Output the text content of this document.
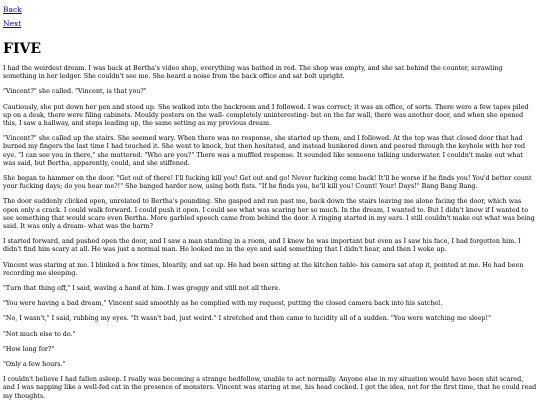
Back
Next
FIVE

I had the weirdest dream. I was back at Bertha's video shop, everything was bathed in red. The shop was empty, and she sat behind the counter, scrawling something in her ledger. She couldn't see me. She heard a noise from the back office and sat bolt upright.

"Vincent?" she called. "Vincent, is that you?"

Cautiously, she put down her pen and stood up. She walked into the backroom and I followed. I was correct; it was an office, of sorts. There were a few tapes piled up on a desk, there were filing cabinets. Mouldy posters on the wall- completely uninteresting- but on the far wall, there was another door, and when she opened this, I saw a hallway, and steps leading up, the same setting as my previous dream.

"Vincent?" she called up the stairs. She seemed wary. When there was no response, she started up them, and I followed. At the top was that closed door that had burned my fingers the last time I had touched it. She went to knock, but then hesitated, and instead hunkered down and peered through the keyhole with her red eye. "I can see you in there," she muttered. "Who are you?" There was a muffled response. It sounded like someone talking underwater. I couldn't make out what was said, but Bertha, apparently, could, and she stiffened.

She began to hammer on the door. "Get out of there! I'll fucking kill you! Get out and go! Never fucking come back! It'll be worse if he finds you! You'd better count your fucking days; do you hear me?!" She banged harder now, using both fists. "If he finds you, he'll kill you! Count! Your! Days!" Bang Bang Bang.

The door suddenly clicked open, unrelated to Bertha's pounding. She gasped and ran past me, back down the stairs leaving me alone facing the door, which was open only a crack. I could walk forward. I could push it open. I could see what was scaring her so much. In the dream, I wanted to. But I didn't know if I wanted to see something that would scare even Bertha. More garbled speech came from behind the door. A ringing started in my ears. I still couldn't make out what was being said. It was only a dream- what was the harm?

I started forward, and pushed open the door, and I saw a man standing in a room, and I knew he was important but even as I saw his face, I had forgotten him. I didn't find him scary at all. He was just a normal man. He looked me in the eye and said something that I didn't hear, and then I woke up.

Vincent was staring at me. I blinked a few times, blearily, and sat up. He had been sitting at the kitchen table- his camera sat atop it, pointed at me. He had been recording me sleeping.

"Turn that thing off," I said, waving a hand at him. I was groggy and still not all there.

"You were having a bad dream," Vincent said smoothly as he complied with my request, putting the closed camera back into his satchel.

"No, I wasn't," I said, rubbing my eyes. "It wasn't bad, just weird." I stretched and then came to lucidity all of a sudden. "You were watching me sleep!"

"Not much else to do."

"How long for?"

"Only a few hours."

I couldn't believe I had fallen asleep. I really was becoming a strange bedfellow, unable to act normally. Anyone else in my situation would have been shit scared, and I was napping like a well-fed cat in the presence of monsters. Vincent was staring at me, his head cocked. I got the idea, not for the first time, that he could read my thoughts.
